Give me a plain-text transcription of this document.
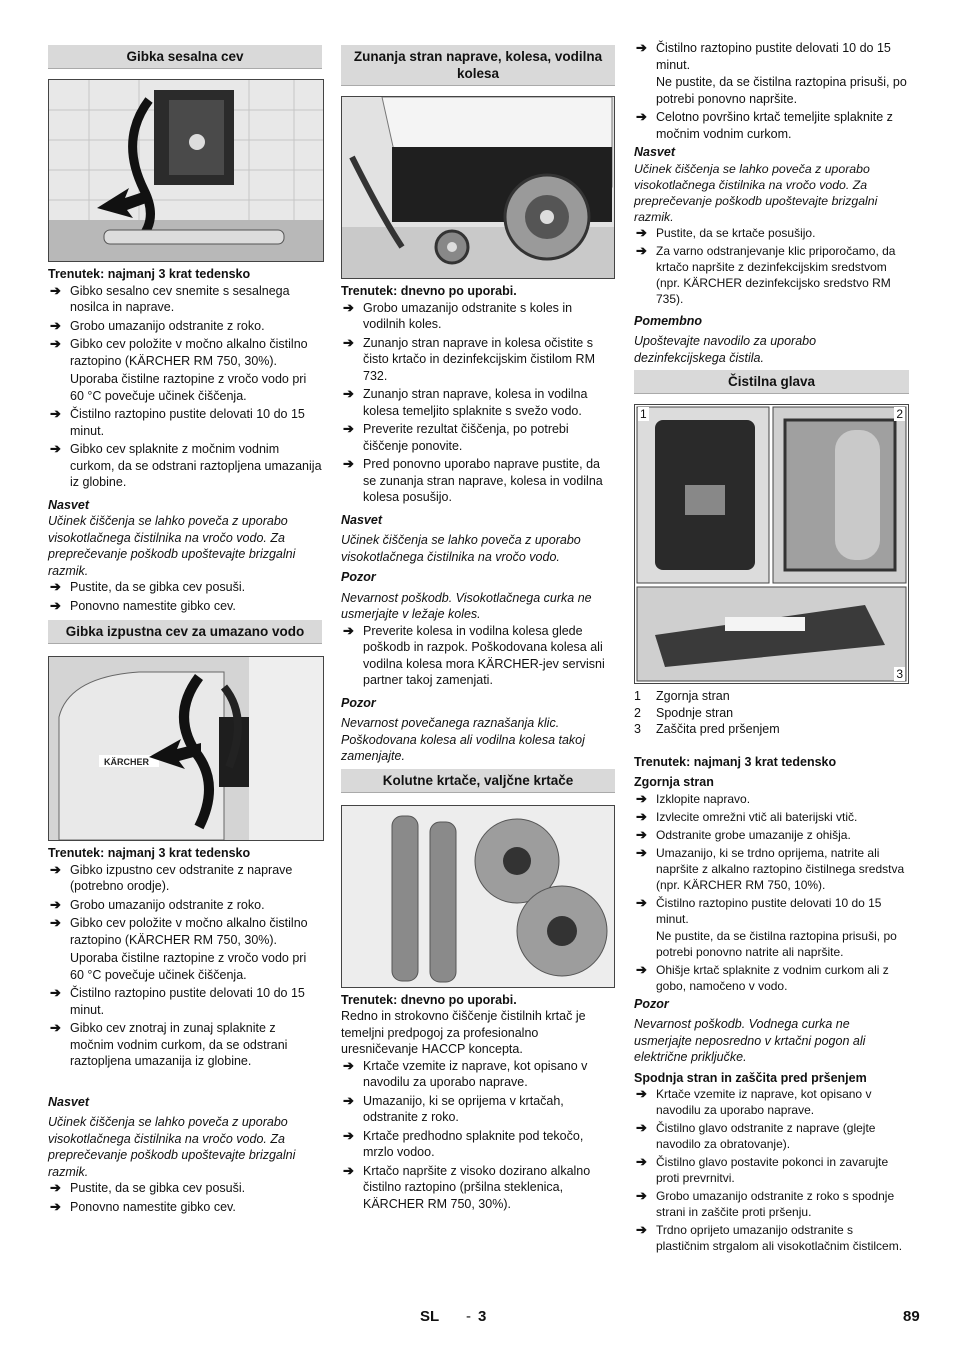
Gibka sesalna cev

Trenutek: najmanj 3 krat tedensko

➔ Gibko sesalno cev snemite s sesalnega nosilca in naprave.
➔ Grobo umazanijo odstranite z roko.
➔ Gibko cev položite v močno alkalno čistilno raztopino (KÄRCHER RM 750, 30%).

Uporaba čistilne raztopine z vročo vodo pri 60 °C povečuje učinek čiščenja.

➔ Čistilno raztopino pustite delovati 10 do 15 minut.
➔ Gibko cev splaknite z močnim vodnim curkom, da se odstrani raztopljena umazanija iz globine.

Nasvet

Učinek čiščenja se lahko poveča z uporabo visokotlačnega čistilnika na vročo vodo. Za preprečevanje poškodb upoštevajte brizgalni razmik.

➔ Pustite, da se gibka cev posuši.
➔ Ponovno namestite gibko cev.
Gibka izpustna cev za umazano vodo
KÄRCHER

Trenutek: najmanj 3 krat tedensko

➔ Gibko izpustno cev odstranite z naprave (potrebno orodje).
➔ Grobo umazanijo odstranite z roko.
➔ Gibko cev položite v močno alkalno čistilno raztopino (KÄRCHER RM 750, 30%).

Uporaba čistilne raztopine z vročo vodo pri 60 °C povečuje učinek čiščenja.

➔ Čistilno raztopino pustite delovati 10 do 15 minut.
➔ Gibko cev znotraj in zunaj splaknite z močnim vodnim curkom, da se odstrani raztopljena umazanija iz globine.

Nasvet

Učinek čiščenja se lahko poveča z uporabo visokotlačnega čistilnika na vročo vodo. Za preprečevanje poškodb upoštevajte brizgalni razmik.

➔ Pustite, da se gibka cev posuši.
➔ Ponovno namestite gibko cev.
Zunanja stran naprave, kolesa, vodilna kolesa

Trenutek: dnevno po uporabi.

➔ Grobo umazanijo odstranite s koles in vodilnih koles.
➔ Zunanjo stran naprave in kolesa očistite s čisto krtačo in dezinfekcijskim čistilom RM 732.
➔ Zunanjo stran naprave, kolesa in vodilna kolesa temeljito splaknite s svežo vodo.
➔ Preverite rezultat čiščenja, po potrebi čiščenje ponovite.
➔ Pred ponovno uporabo naprave pustite, da se zunanja stran naprave, kolesa in vodilna kolesa posušijo.

Nasvet

Učinek čiščenja se lahko poveča z uporabo visokotlačnega čistilnika na vročo vodo.

Pozor

Nevarnost poškodb. Visokotlačnega curka ne usmerjajte v ležaje koles.

➔ Preverite kolesa in vodilna kolesa glede poškodb in razpok. Poškodovana kolesa ali vodilna kolesa mora KÄRCHER-jev servisni partner takoj zamenjati.

Pozor

Nevarnost povečanega raznašanja klic. Poškodovana kolesa ali vodilna kolesa takoj zamenjajte.

Kolutne krtače, valjčne krtače

Trenutek: dnevno po uporabi.

Redno in strokovno čiščenje čistilnih krtač je temeljni predpogoj za profesionalno uresničevanje HACCP koncepta.

➔ Krtače vzemite iz naprave, kot opisano v navodilu za uporabo naprave.
➔ Umazanijo, ki se oprijema v krtačah, odstranite z roko.
➔ Krtače predhodno splaknite pod tekočo, mrzlo vodoo.
➔ Krtačo napršite z visoko dozirano alkalno čistilno raztopino (pršilna steklenica, KÄRCHER RM 750, 30%).
➔ Čistilno raztopino pustite delovati 10 do 15 minut.
Ne pustite, da se čistilna raztopina prisuši, po potrebi ponovno napršite.
➔ Celotno površino krtač temeljite splaknite z močnim vodnim curkom.

Nasvet

Učinek čiščenja se lahko poveča z uporabo visokotlačnega čistilnika na vročo vodo. Za preprečevanje poškodb upoštevajte brizgalni razmik.

➔ Pustite, da se krtače posušijo.
➔ Za varno odstranjevanje klic priporočamo, da krtačo napršite z dezinfekcijskim sredstvom (npr. KÄRCHER dezinfekcijsko sredstvo RM 735).

Pomembno

Upoštevajte navodilo za uporabo dezinfekcijskega čistila.

Čistilna glava
1	2
3
1 Zgornja stran
2 Spodnje stran
3 Zaščita pred pršenjem

Trenutek: najmanj 3 krat tedensko

Zgornja stran

➔ Izklopite napravo.
➔ Izvlecite omrežni vtič ali baterijski vtič.
➔ Odstranite grobe umazanije z ohišja.
➔ Umazanijo, ki se trdno oprijema, natrite ali napršite z alkalno raztopino čistilnega sredstva (npr. KÄRCHER RM 750, 10%).
➔ Čistilno raztopino pustite delovati 10 do 15 minut.
Ne pustite, da se čistilna raztopina prisuši, po potrebi ponovno natrite ali napršite.
➔ Ohišje krtač splaknite z vodnim curkom ali z gobo, namočeno v vodo.

Pozor

Nevarnost poškodb. Vodnega curka ne usmerjajte neposredno v krtačni pogon ali električne priključke.

Spodnja stran in zaščita pred pršenjem

➔ Krtače vzemite iz naprave, kot opisano v navodilu za uporabo naprave.
➔ Čistilno glavo odstranite z naprave (glejte navodilo za obratovanje).
➔ Čistilno glavo postavite pokonci in zavarujte proti prevrnitvi.
➔ Grobo umazanijo odstranite z roko s spodnje strani in zaščite proti pršenju.
➔ Trdno oprijeto umazanijo odstranite s plastičnim strgalom ali visokotlačnim čistilcem.
SL - 3	89
